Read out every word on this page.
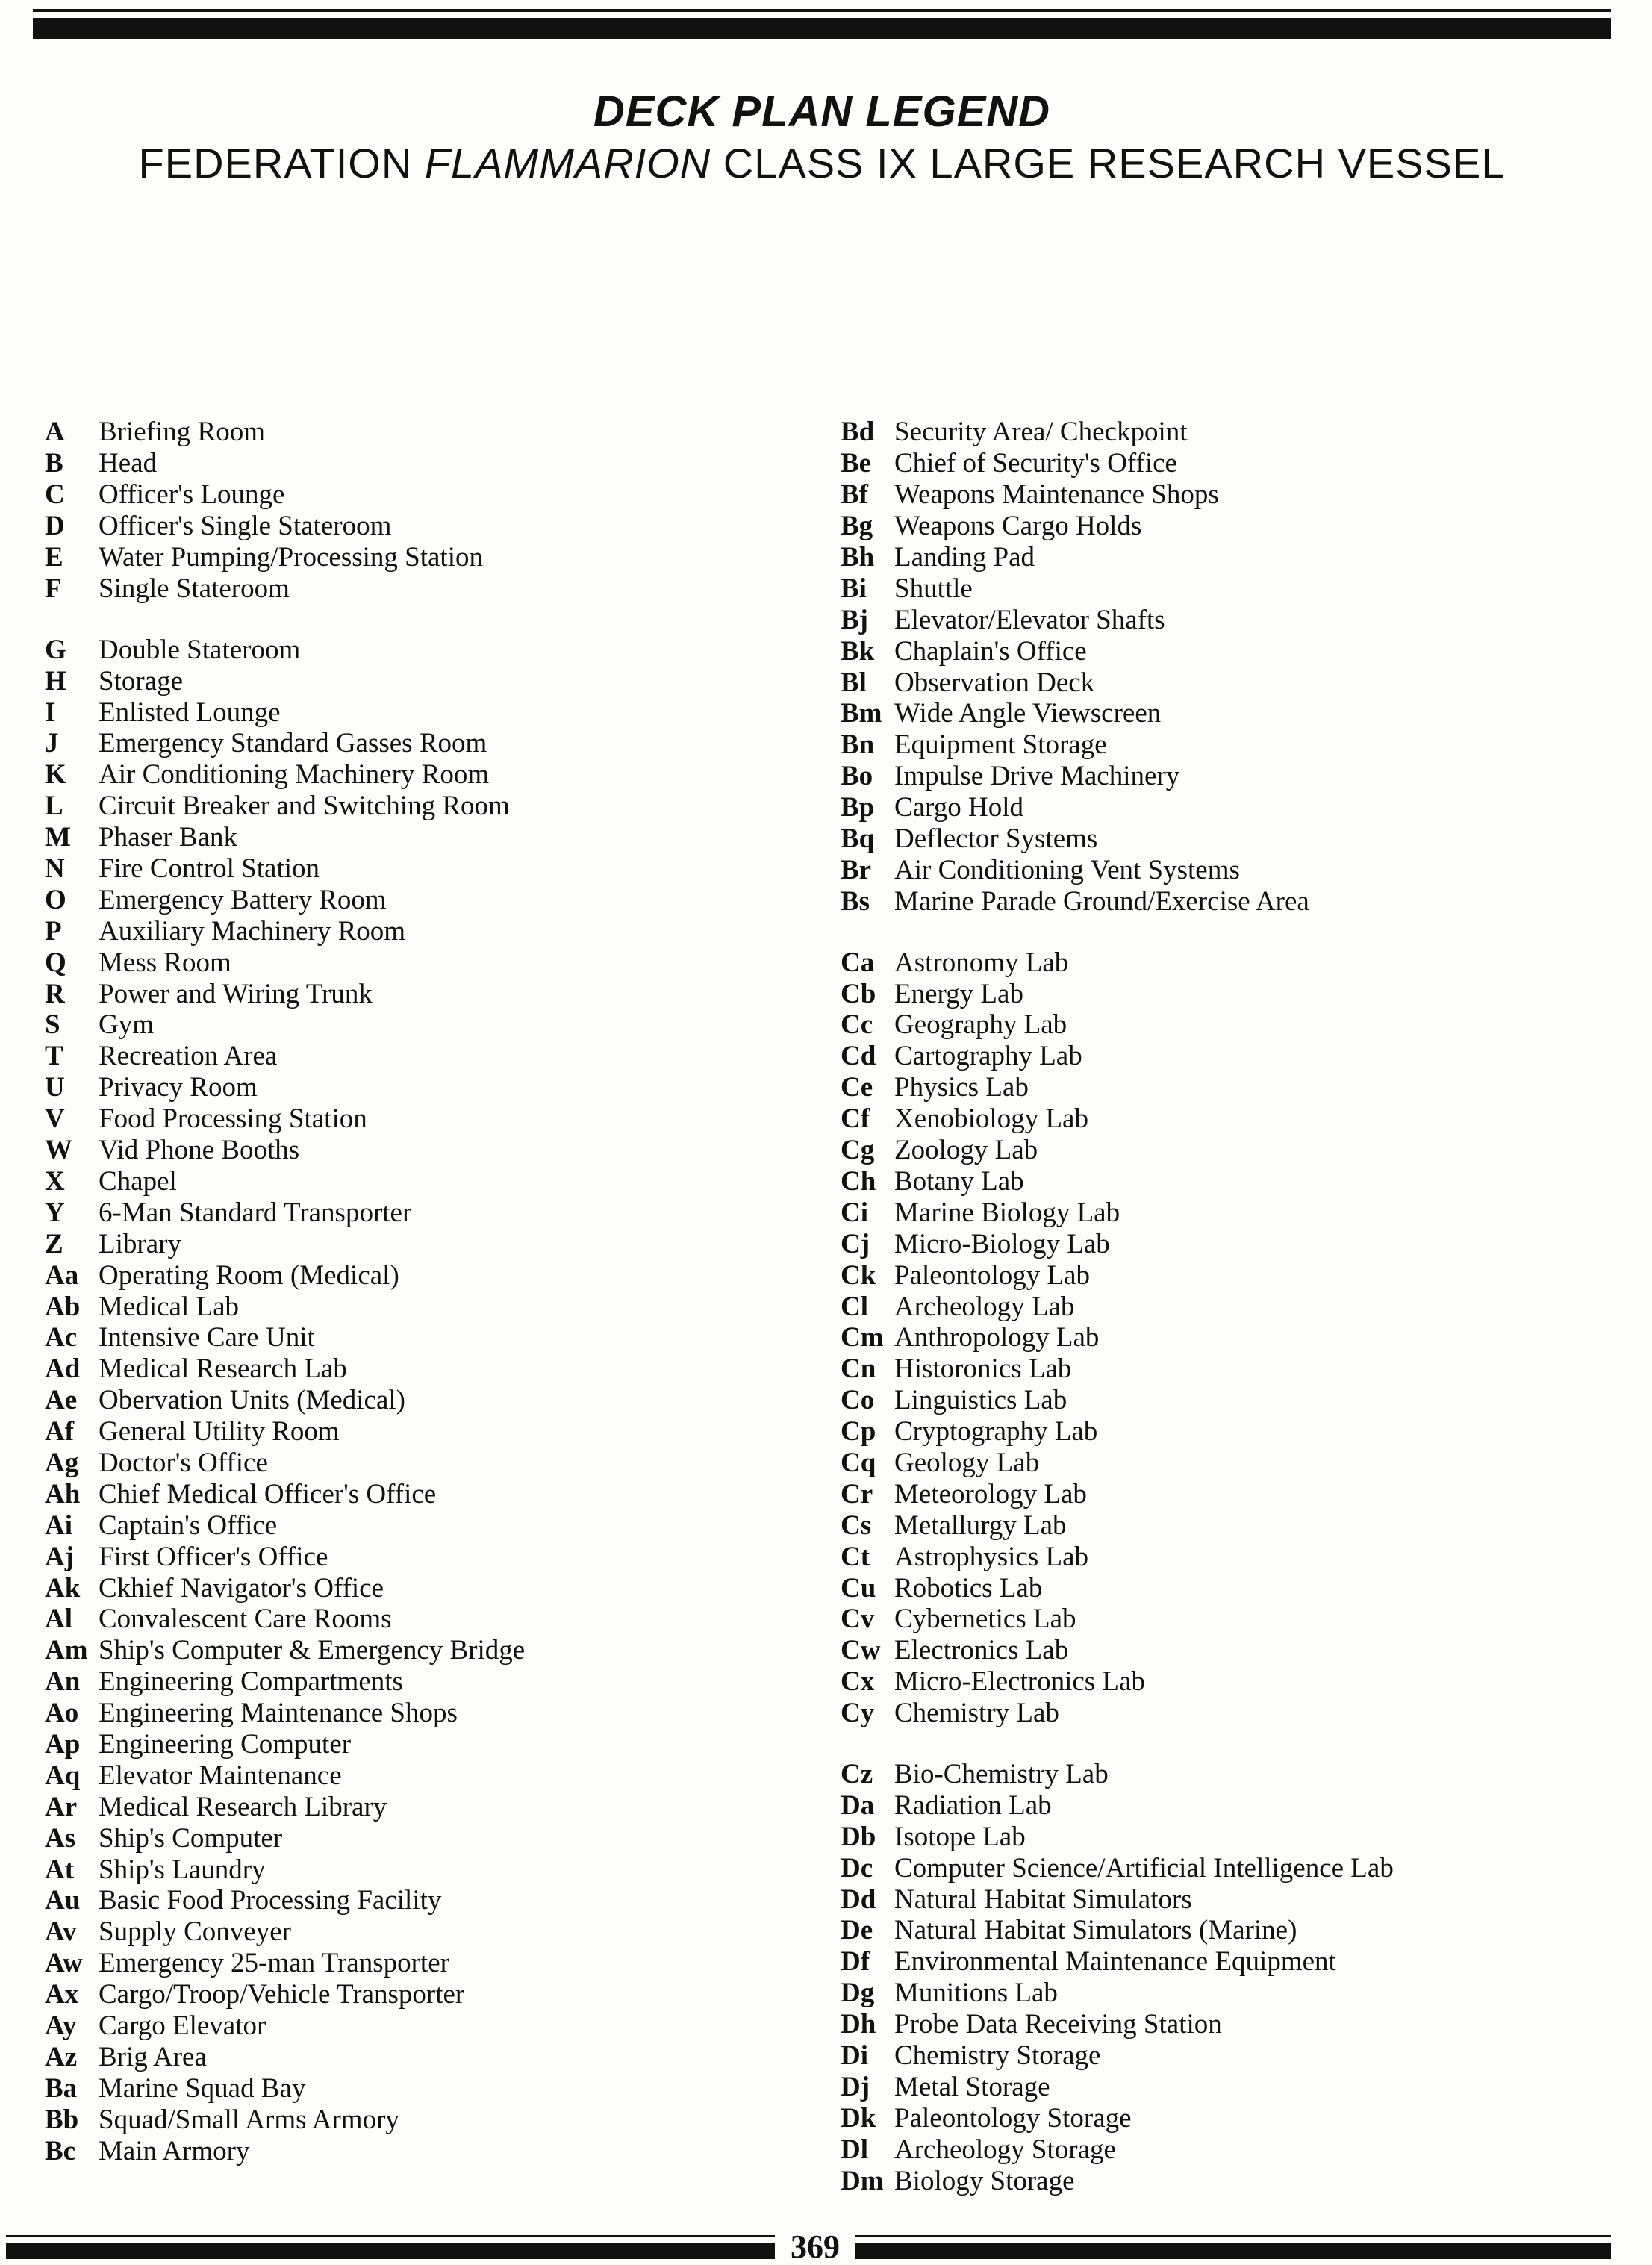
DECK PLAN LEGEND

FEDERATION FLAMMARION CLASS IX LARGE RESEARCH VESSEL

A	Briefing Room
B	Head
C	Officer's Lounge
D	Officer's Single Stateroom
E	Water Pumping/Processing Station
F	Single Stateroom
G	Double Stateroom
H	Storage
I	Enlisted Lounge
J	Emergency Standard Gasses Room
K	Air Conditioning Machinery Room
L	Circuit Breaker and Switching Room
M	Phaser Bank
N	Fire Control Station
O	Emergency Battery Room
P	Auxiliary Machinery Room
Q	Mess Room
R	Power and Wiring Trunk
S	Gym
T	Recreation Area
U	Privacy Room
V	Food Processing Station
W Vid Phone Booths
X	Chapel
Y	6-Man Standard Transporter
Z	Library
Aa Operating Room (Medical)
Ab Medical Lab
Ac Intensive Care Unit
Ad Medical Research Lab
Ae Obervation Units (Medical)
Af General Utility Room
Ag Doctor's Office
Ah Chief Medical Officer's Office
Ai Captain's Office
Aj First Officer's Office
Ak Ckhief Navigator's Office
Al Convalescent Care Rooms
Am Ship's Computer & Emergency Bridge
An Engineering Compartments
Ao Engineering Maintenance Shops
Ap Engineering Computer
Aq Elevator Maintenance
Ar Medical Research Library
As Ship's Computer
At Ship's Laundry
Au Basic Food Processing Facility
Av Supply Conveyer
Aw Emergency 25-man Transporter
Ax Cargo/Troop/Vehicle Transporter
Ay Cargo Elevator
Az Brig Area
Ba Marine Squad Bay
Bb Squad/Small Arms Armory
Bc Main Armory
Bd Security Area/ Checkpoint
Be Chief of Security's Office
Bf Weapons Maintenance Shops
Bg Weapons Cargo Holds
Bh Landing Pad
Bi	Shuttle
Bj Elevator/Elevator Shafts
Bk Chaplain's Office
Bl	Observation Deck
Bm Wide Angle Viewscreen
Bn Equipment Storage
Bo Impulse Drive Machinery
Bp Cargo Hold
Bq Deflector Systems
Br Air Conditioning Vent Systems
Bs Marine Parade Ground/Exercise Area
Ca Astronomy Lab
Cb Energy Lab
Cc Geography Lab
Cd Cartography Lab
Ce Physics Lab
Cf Xenobiology Lab
Cg Zoology Lab
Ch Botany Lab
Ci Marine Biology Lab
Cj Micro-Biology Lab
Ck Paleontology Lab
Cl Archeology Lab
Cm Anthropology Lab
Cn Historonics Lab
Co Linguistics Lab
Cp Cryptography Lab
Cq Geology Lab
Cr Meteorology Lab
Cs Metallurgy Lab
Ct Astrophysics Lab
Cu Robotics Lab
Cv Cybernetics Lab
Cw Electronics Lab
Cx Micro-Electronics Lab
Cy Chemistry Lab
Cz Bio-Chemistry Lab
Da Radiation Lab
Db Isotope Lab
Dc Computer Science/Artificial Intelligence Lab
Dd Natural Habitat Simulators
De Natural Habitat Simulators (Marine)
Df Environmental Maintenance Equipment
Dg Munitions Lab
Dh Probe Data Receiving Station
Di Chemistry Storage
Dj Metal Storage
Dk Paleontology Storage
Dl Archeology Storage
Dm Biology Storage
369
